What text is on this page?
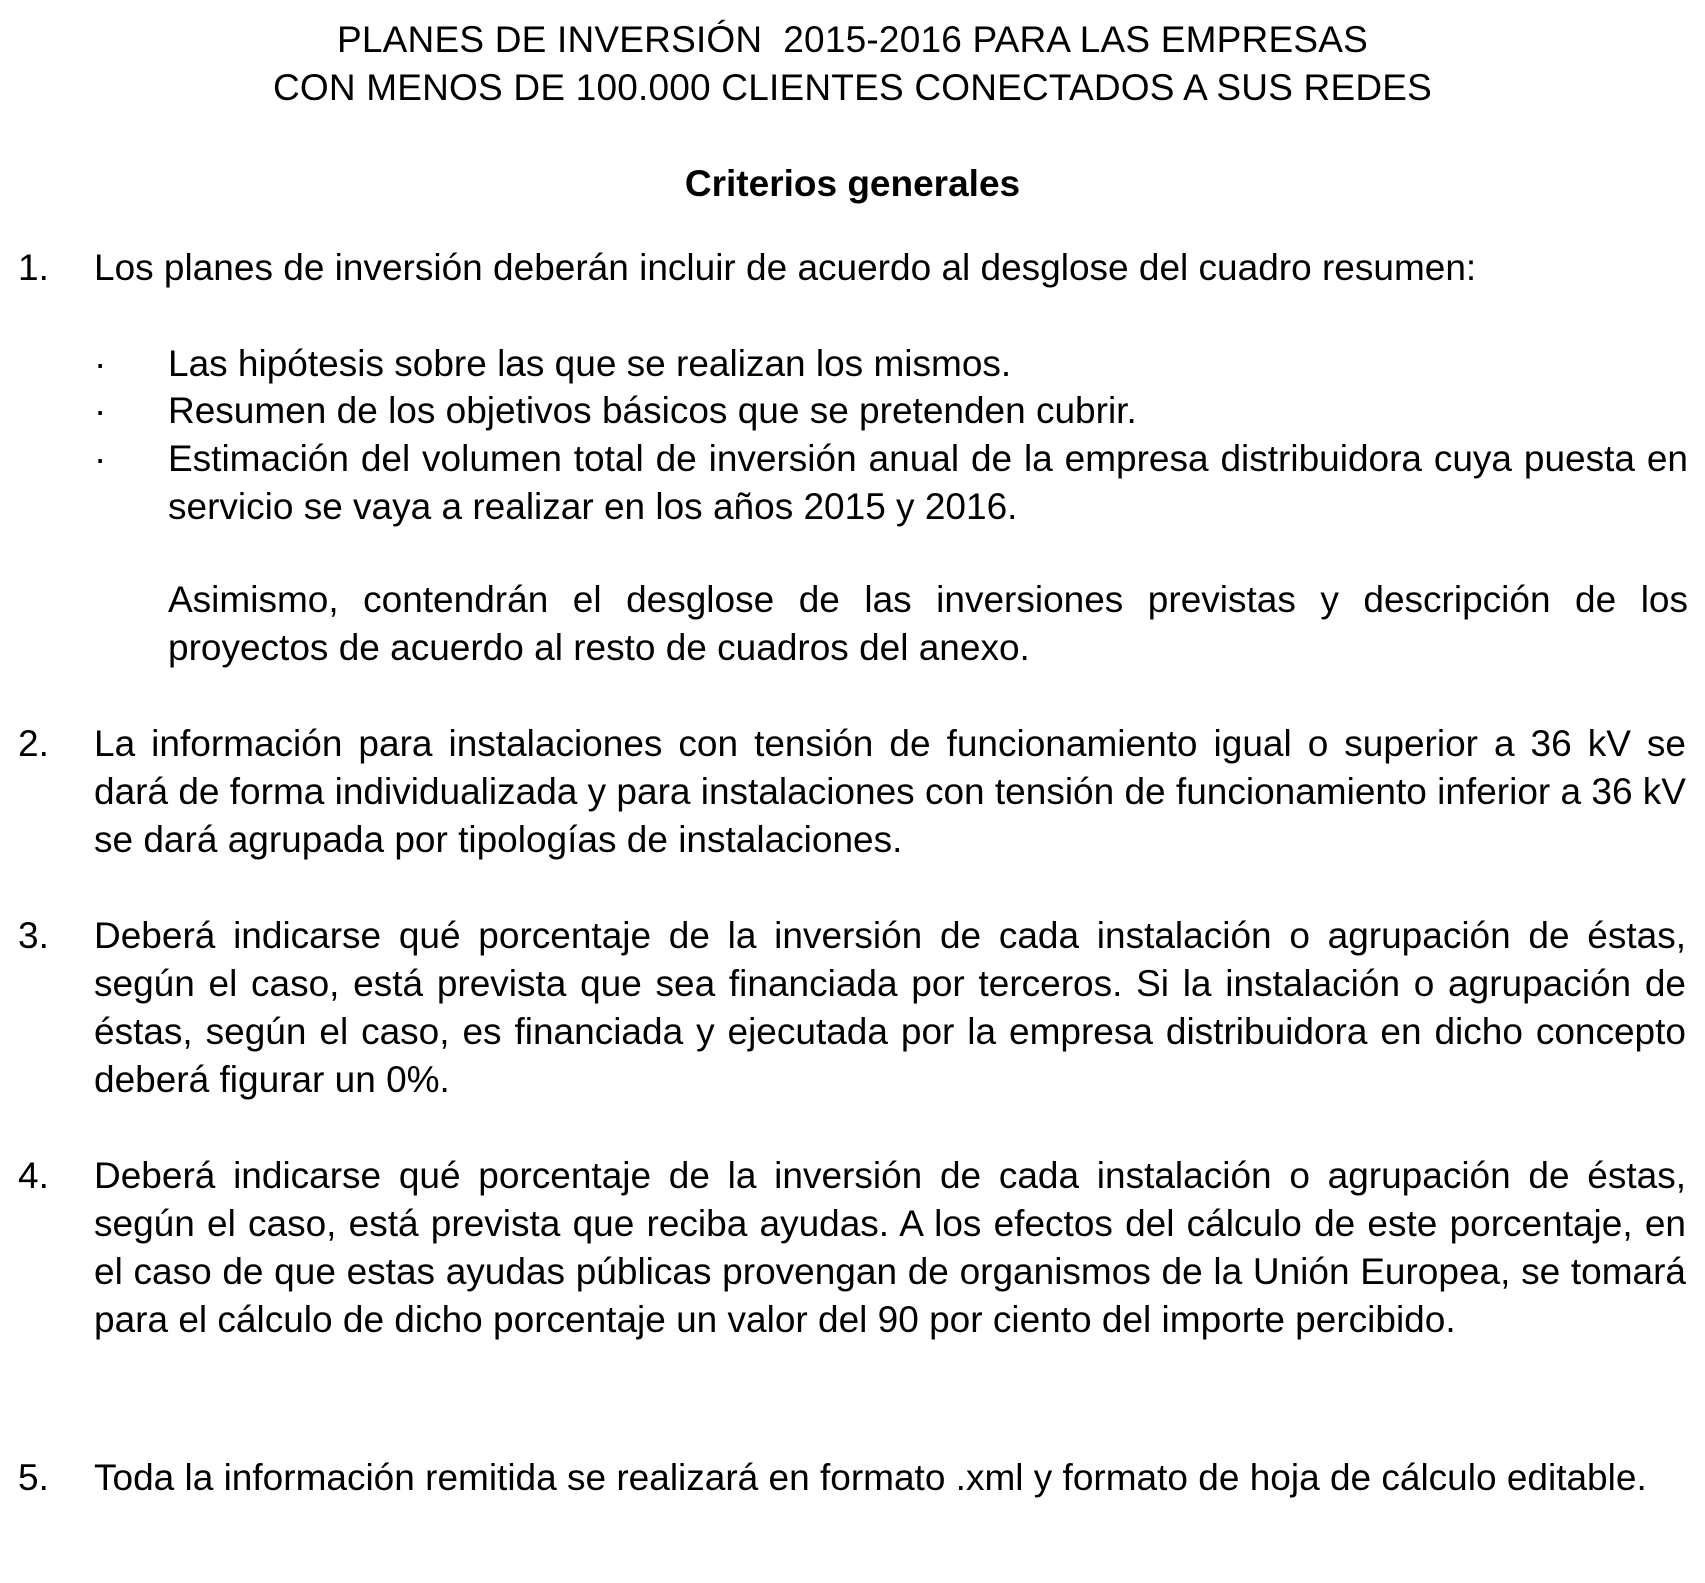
PLANES DE INVERSIÓN  2015-2016 PARA LAS EMPRESAS
CON MENOS DE 100.000 CLIENTES CONECTADOS A SUS REDES
Criterios generales
1. Los planes de inversión deberán incluir de acuerdo al desglose del cuadro resumen:
· Las hipótesis sobre las que se realizan los mismos.
· Resumen de los objetivos básicos que se pretenden cubrir.
· Estimación del volumen total de inversión anual de la empresa distribuidora cuya puesta en servicio se vaya a realizar en los años 2015 y 2016.
Asimismo, contendrán el desglose de las inversiones previstas y descripción de los proyectos de acuerdo al resto de cuadros del anexo.
2. La información para instalaciones con tensión de funcionamiento igual o superior a 36 kV se dará de forma individualizada y para instalaciones con tensión de funcionamiento inferior a 36 kV se dará agrupada por tipologías de instalaciones.
3. Deberá indicarse qué porcentaje de la inversión de cada instalación o agrupación de éstas, según el caso, está prevista que sea financiada por terceros. Si la instalación o agrupación de éstas, según el caso, es financiada y ejecutada por la empresa distribuidora en dicho concepto deberá figurar un 0%.
4. Deberá indicarse qué porcentaje de la inversión de cada instalación o agrupación de éstas, según el caso, está prevista que reciba ayudas. A los efectos del cálculo de este porcentaje, en el caso de que estas ayudas públicas provengan de organismos de la Unión Europea, se tomará para el cálculo de dicho porcentaje un valor del 90 por ciento del importe percibido.
5. Toda la información remitida se realizará en formato .xml y formato de hoja de cálculo editable.
